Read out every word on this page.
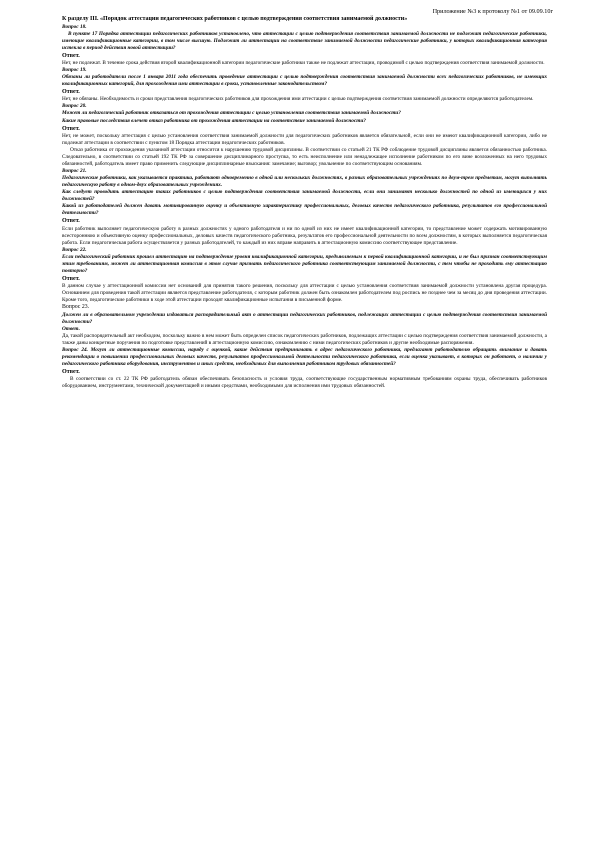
Приложение №3 к протоколу №1 от 09.09.10г
К разделу III. «Порядок аттестации педагогических работников с целью подтверждения соответствия занимаемой должности»
Вопрос 18.

В пункте 17 Порядка аттестации педагогических работников установлено, что аттестации с целью подтверждения соответствия занимаемой должности не подлежат педагогические работники, имеющие квалификационные категории, в том числе высшую. Подлежат ли аттестации на соответствие занимаемой должности педагогические работники, у которых квалификационная категория истекла в период действия новой аттестации?

Ответ.

Нет, не подлежат. В течение срока действия второй квалификационной категории педагогические работники также не подлежат аттестации, проводимой с целью подтверждения соответствия занимаемой должности.

Вопрос 19.

Обязаны ли работодатели после 1 января 2011 года обеспечить проведение аттестации с целью подтверждения соответствия занимаемой должности всех педагогических работников, не имеющих квалификационных категорий, для прохождения ими аттестации в сроки, установленные законодательством?

Ответ.

Нет, не обязаны. Необходимость и сроки представления педагогических работников для прохождения ими аттестации с целью подтверждения соответствия занимаемой должности определяются работодателем.

Вопрос 20.

Может ли педагогический работник отказаться от прохождения аттестации с целью установления соответствия занимаемой должности?

Какие правовые последствия влечет отказ работника от прохождения аттестации на соответствие занимаемой должности?

Ответ.

Нет, не может, поскольку аттестация с целью установления соответствия занимаемой должности для педагогических работников является обязательной, если они не имеют квалификационной категории, либо не подлежат аттестации в соответствии с пунктом 18 Порядка аттестации педагогических работников.

Отказ работника от прохождения указанной аттестации относится к нарушению трудовой дисциплины. В соответствии со статьей 21 ТК РФ соблюдение трудовой дисциплины является обязанностью работника. Следовательно, в соответствии со статьей 192 ТК РФ за совершение дисциплинарного проступка, то есть неисполнение или ненадлежащее исполнение работником по его вине возложенных на него трудовых обязанностей, работодатель имеет право применить следующие дисциплинарные взыскания: замечание; выговор; увольнение по соответствующим основаниям.

Вопрос 21.

Педагогические работники, как указывается практика, работают одновременно в одной или нескольких должностях, в разных образовательных учреждениях по двум-трем предметам, могут выполнять педагогическую работу в одном-двух образовательных учреждениях.

Как следует проводить аттестацию таких работников с целью подтверждения соответствия занимаемой должности, если они занимают несколько должностей по одной из имеющихся у них должностей?

Какой из работодателей должен давать мотивированную оценку и объективную характеристику профессиональных, деловых качеств педагогического работника, результатов его профессиональной деятельности?

Ответ.

Если работник выполняет педагогическую работу в разных должностях у одного работодателя и ни по одной из них не имеет квалификационной категории, то представление может содержать мотивированную всестороннюю и объективную оценку профессиональных, деловых качеств педагогического работника, результатов его профессиональной деятельности по всем должностям, в которых выполняется педагогическая работа. Если педагогическая работа осуществляется у разных работодателей, то каждый из них вправе направить в аттестационную комиссию соответствующее представление.

Вопрос 22.

Если педагогический работник прошел аттестацию на подтверждение уровня квалификационной категории, предъявляемым к первой квалификационной категории, и не был признан соответствующим этим требованиям, может ли аттестационная комиссия в этом случае признать педагогического работника соответствующим занимаемой должности, с тем чтобы не проходить ему аттестацию повторно?

Ответ.

В данном случае у аттестационной комиссии нет оснований для принятия такого решения, поскольку для аттестации с целью установления соответствия занимаемой должности установлена другая процедура. Основанием для проведения такой аттестации является представление работодателя, с которым работник должен быть ознакомлен работодателем под роспись не позднее чем за месяц до дня проведения аттестации. Кроме того, педагогические работники в ходе этой аттестации проходят квалификационные испытания в письменной форме.

Вопрос 23.

Должен ли в образовательном учреждении издаваться распорядительный акт о аттестации педагогических работников, подлежащих аттестации с целью подтверждения соответствия занимаемой должности?

Ответ.

Да, такой распорядительный акт необходим, поскольку важно в нем может быть определен список педагогических работников, подлежащих аттестации с целью подтверждения соответствия занимаемой должности, а также даны конкретные поручения по подготовке представлений в аттестационную комиссию, ознакомлению с ними педагогических работников и другие необходимые распоряжения.

Вопрос 24. Могут ли аттестационные комиссии, наряду с оценкой, какие действия предпринимать в адрес педагогического работника, предлагают работодателю обращать внимание и давать рекомендации о повышении профессиональных деловых качеств, результатов профессиональной деятельности педагогического работника, если оценка указывает, в которых он работает, о наличии у педагогического работника оборудования, инструментов и иных средств, необходимых для выполнения работником трудовых обязанностей?

Ответ.

В соответствии со ст. 22 ТК РФ работодатель обязан обеспечивать безопасность и условия труда, соответствующие государственным нормативным требованиям охраны труда, обеспечивать работников оборудованием, инструментами, технической документацией и иными средствами, необходимыми для исполнения ими трудовых обязанностей.
